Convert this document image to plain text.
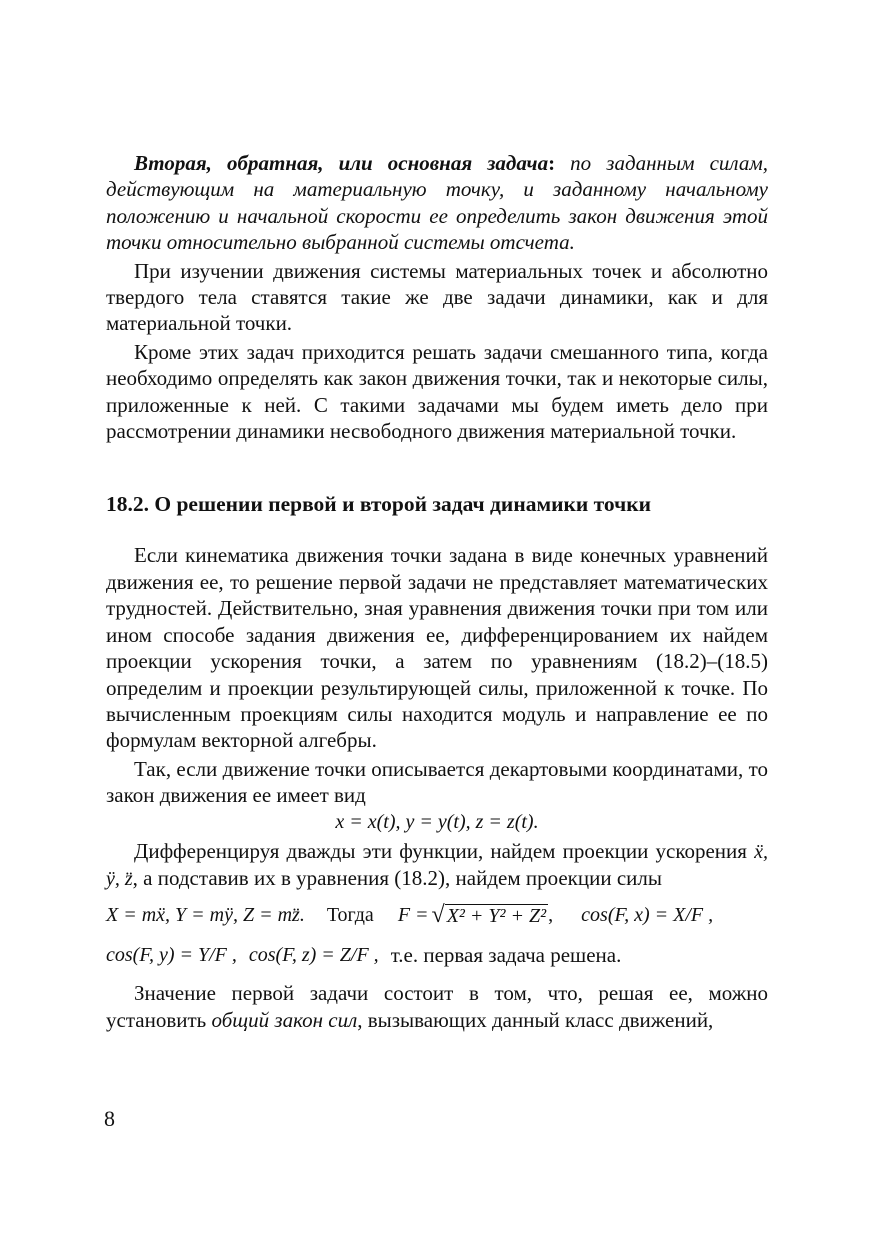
Вторая, обратная, или основная задача: по заданным силам, действующим на материальную точку, и заданному начальному положению и начальной скорости ее определить закон движения этой точки относительно выбранной системы отсчета.

При изучении движения системы материальных точек и абсолютно твердого тела ставятся такие же две задачи динамики, как и для материальной точки.

Кроме этих задач приходится решать задачи смешанного типа, когда необходимо определять как закон движения точки, так и некоторые силы, приложенные к ней. С такими задачами мы будем иметь дело при рассмотрении динамики несвободного движения материальной точки.

18.2. О решении первой и второй задач динамики точки

Если кинематика движения точки задана в виде конечных уравнений движения ее, то решение первой задачи не представляет математических трудностей. Действительно, зная уравнения движения точки при том или ином способе задания движения ее, дифференцированием их найдем проекции ускорения точки, а затем по уравнениям (18.2)–(18.5) определим и проекции результирующей силы, приложенной к точке. По вычисленным проекциям силы находится модуль и направление ее по формулам векторной алгебры.

Так, если движение точки описывается декартовыми координатами, то закон движения ее имеет вид

x = x(t), y = y(t), z = z(t).

Дифференцируя дважды эти функции, найдем проекции ускорения ẍ, ÿ, z̈, а подставив их в уравнения (18.2), найдем проекции силы

X = mẍ, Y = mÿ, Z = mz̈. Тогда F = √ X² + Y² + Z² , cos(F, x) = X/F ,
cos(F, y) = Y/F , cos(F, z) = Z/F , т.е. первая задача решена.

Значение первой задачи состоит в том, что, решая ее, можно установить общий закон сил, вызывающих данный класс движений,

8
